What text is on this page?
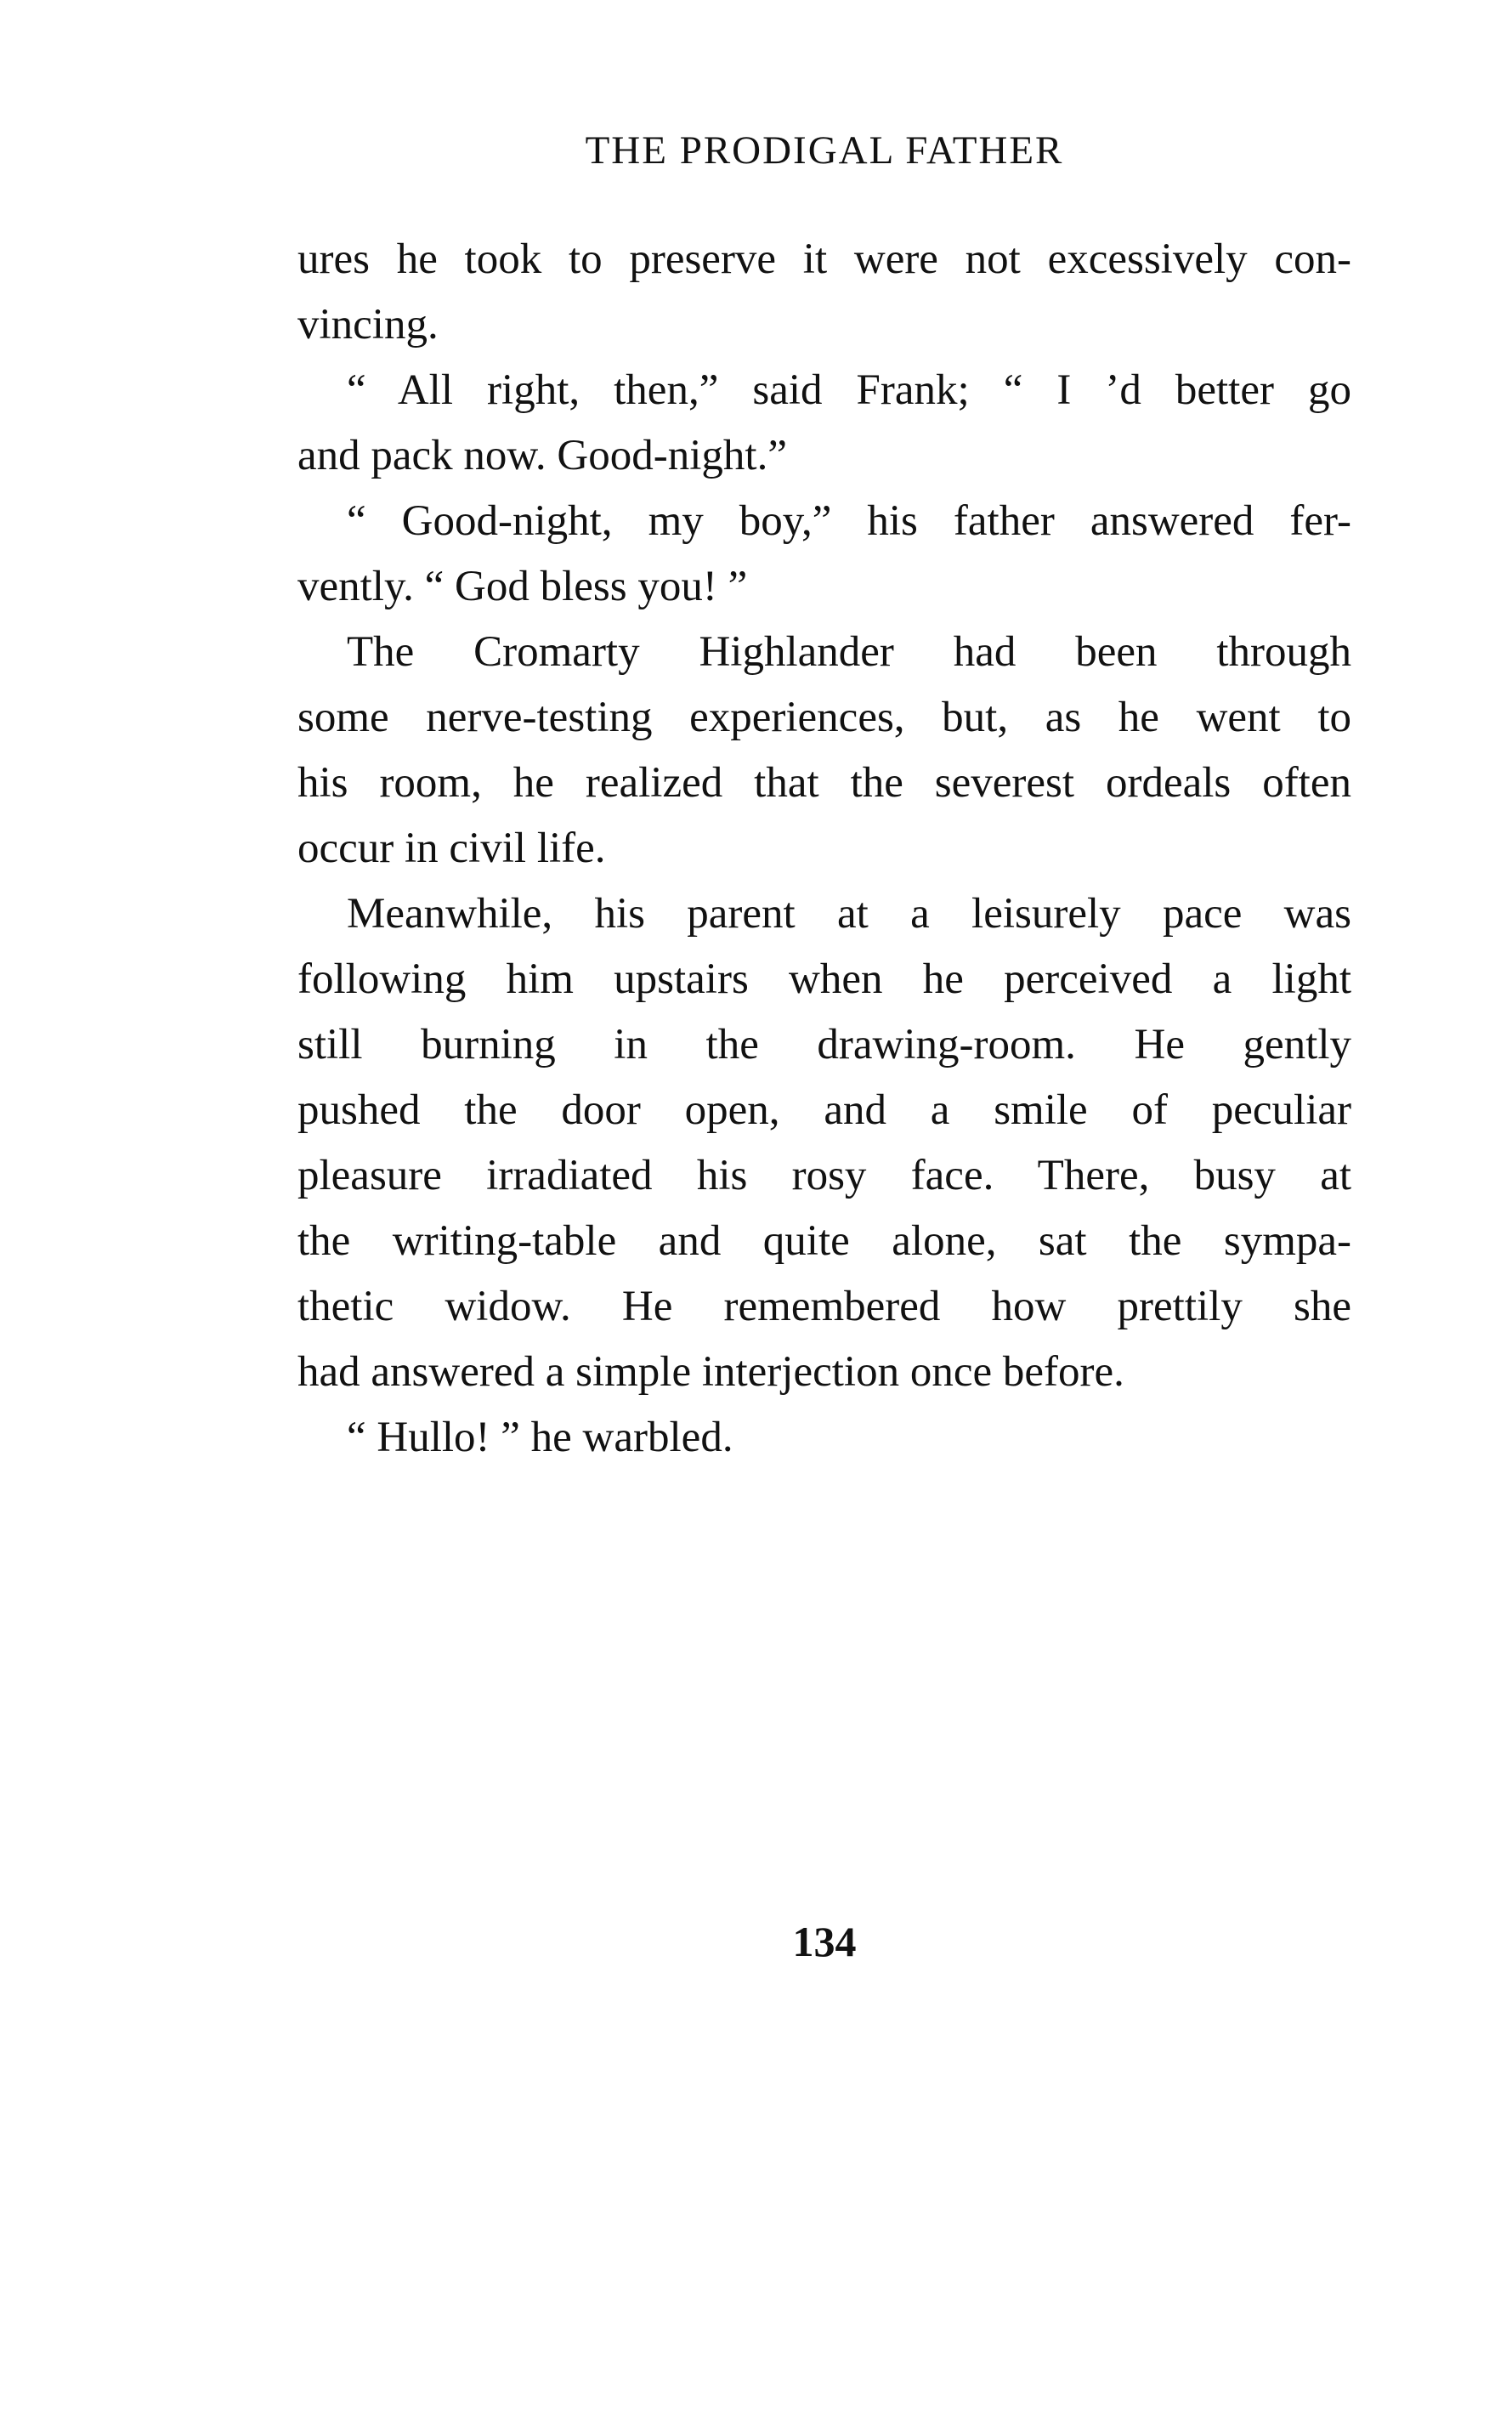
THE PRODIGAL FATHER
ures he took to preserve it were not excessively con-
vincing.
“ All right, then,” said Frank; “ I ’d better go
and pack now. Good-night.”
“ Good-night, my boy,” his father answered fer-
vently. “ God bless you! ”
The Cromarty Highlander had been through
some nerve-testing experiences, but, as he went to
his room, he realized that the severest ordeals often
occur in civil life.
Meanwhile, his parent at a leisurely pace was
following him upstairs when he perceived a light
still burning in the drawing-room. He gently
pushed the door open, and a smile of peculiar
pleasure irradiated his rosy face. There, busy at
the writing-table and quite alone, sat the sympa-
thetic widow. He remembered how prettily she
had answered a simple interjection once before.
“ Hullo! ” he warbled.
134
